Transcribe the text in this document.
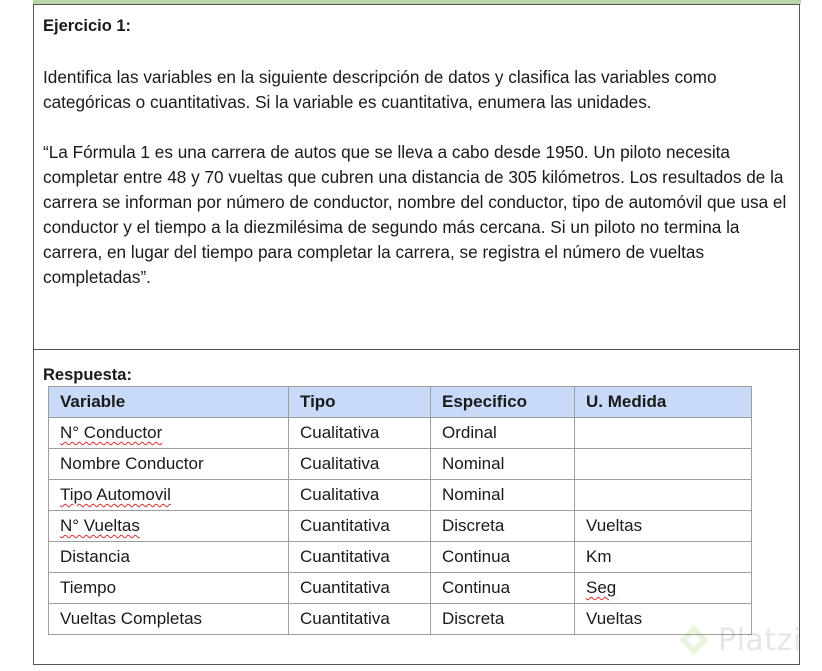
Ejercicio 1:

Identifica las variables en la siguiente descripción de datos y clasifica las variables como categóricas o cuantitativas. Si la variable es cuantitativa, enumera las unidades.

“La Fórmula 1 es una carrera de autos que se lleva a cabo desde 1950. Un piloto necesita completar entre 48 y 70 vueltas que cubren una distancia de 305 kilómetros. Los resultados de la carrera se informan por número de conductor, nombre del conductor, tipo de automóvil que usa el conductor y el tiempo a la diezmilésima de segundo más cercana. Si un piloto no termina la carrera, en lugar del tiempo para completar la carrera, se registra el número de vueltas completadas”.

Respuesta:

Variable	Tipo	Especifico	U. Medida
N° Conductor	Cualitativa	Ordinal	
Nombre Conductor	Cualitativa	Nominal	
Tipo Automovil	Cualitativa	Nominal	
N° Vueltas	Cuantitativa	Discreta	Vueltas
Distancia	Cuantitativa	Continua	Km
Tiempo	Cuantitativa	Continua	Seg
Vueltas Completas	Cuantitativa	Discreta	Vueltas
Platzi
